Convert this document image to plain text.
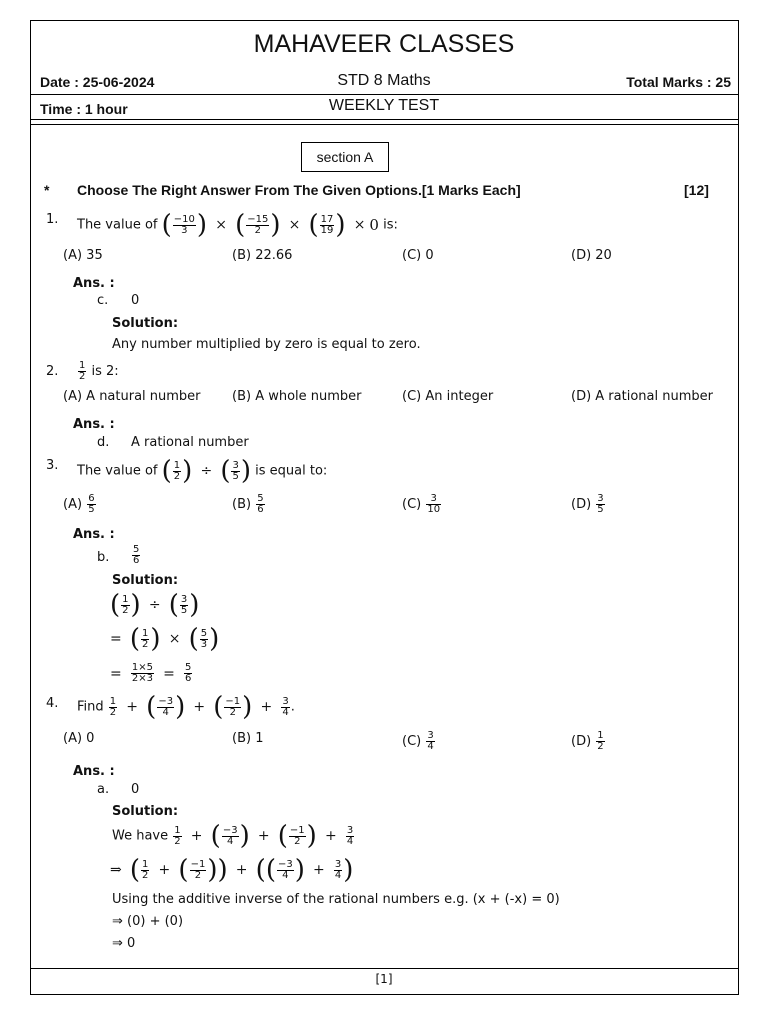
MAHAVEER CLASSES
Date : 25-06-2024	STD 8 Maths	Total Marks : 25
Time : 1 hour	WEEKLY TEST
section A
* Choose The Right Answer From The Given Options.[1 Marks Each]	[12]
1. The value of ( $\frac{-10}{3}$ ) × ( $\frac{-15}{2}$ ) × ( $\frac{17}{19}$ ) × 0 is:
(A) 35	(B) 22.66	(C) 0	(D) 20
Ans. :
c. 0
Solution:
Any number multiplied by zero is equal to zero.
2. $\frac{1}{2}$ is 2:
(A) A natural number (B) A whole number	(C) An integer	(D) A rational number
Ans. :
d. A rational number
3. The value of ( $\frac{1}{2}$ ) ÷ ( $\frac{3}{5}$ ) is equal to:
$(A) \frac{6}{5}$	$(B) \frac{5}{6}$	$(C) \frac{3}{10}$	$(D) \frac{3}{5}$
Ans. :
b. $\frac{5}{6}$
Solution:
( $\frac{1}{2}$ ) ÷ ( $\frac{3}{5}$ )
= ( $\frac{1}{2}$ ) × ( $\frac{5}{3}$ )
= $\frac{1\times 5}{2\times 3} = \frac{5}{6}$
4. Find $\frac{1}{2}$ + ( $\frac{-3}{4}$ ) + ( $\frac{-1}{2}$ ) + $\frac{3}{4}$ .
(A) 0	(B) 1	$(C) \frac{3}{4}$	$(D) \frac{1}{2}$
Ans. :
a. 0
Solution:
We have $\frac{1}{2}$ + ( $\frac{-3}{4}$ ) + ( $\frac{-1}{2}$ ) + $\frac{3}{4}$
⇒ ( $\frac{1}{2}$ + ( $\frac{-1}{2}$ )) + (( $\frac{-3}{4}$ ) + $\frac{3}{4}$ )
Using the additive inverse of the rational numbers e.g. (x + (-x) = 0)
⇒ (0) + (0)
⇒ 0
[1]
